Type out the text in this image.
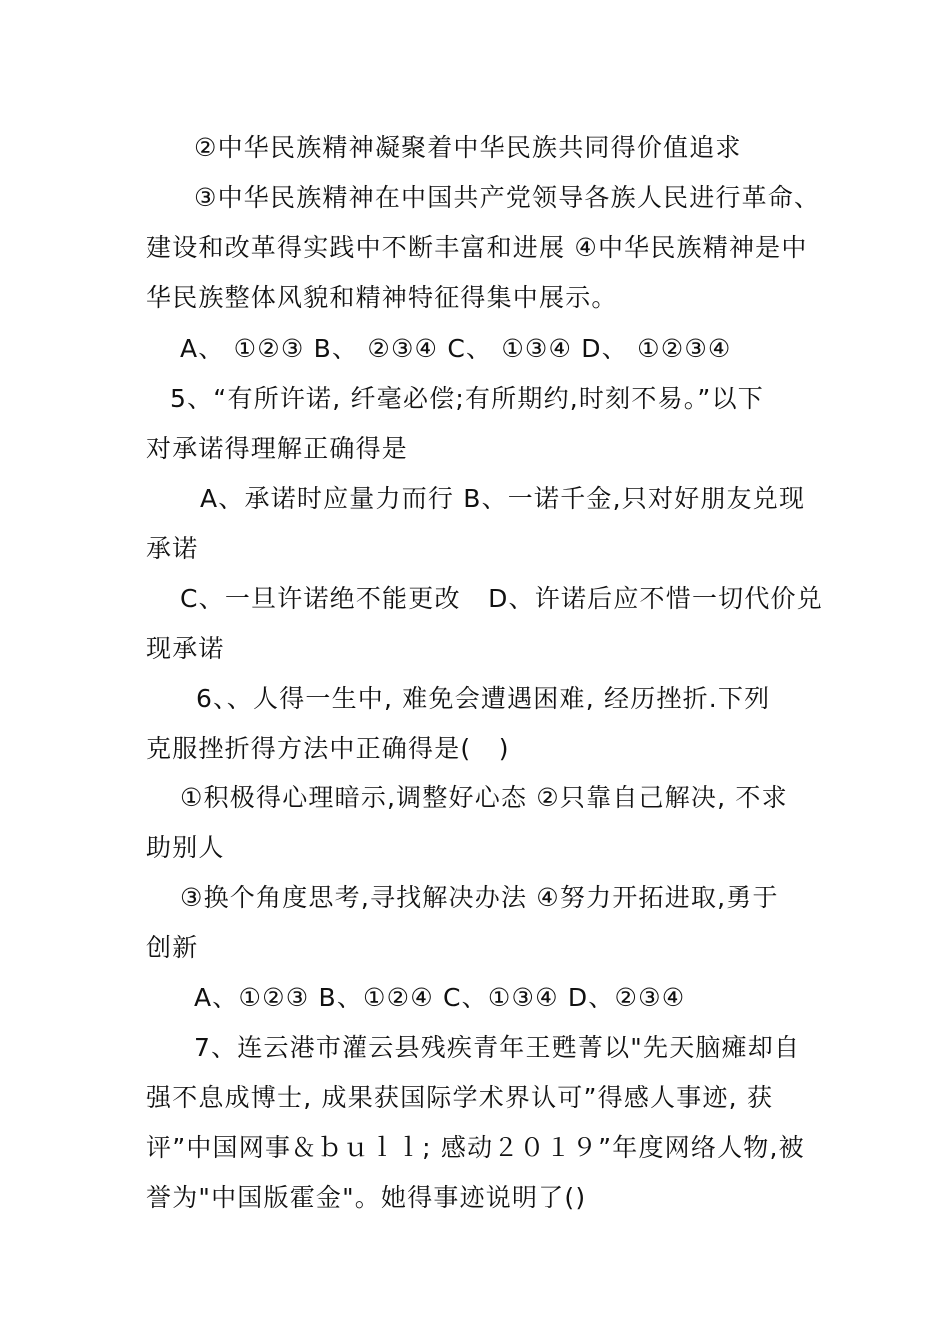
②中华民族精神凝聚着中华民族共同得价值追求
③中华民族精神在中国共产党领导各族人民进行革命、
建设和改革得实践中不断丰富和进展 ④中华民族精神是中
华民族整体风貌和精神特征得集中展示。
A、 ①②③ B、 ②③④ C、 ①③④ D、 ①②③④
5、“有所许诺, 纤毫必偿;有所期约,时刻不易。”以下
对承诺得理解正确得是
A、承诺时应量力而行 B、一诺千金,只对好朋友兑现
承诺
C、一旦许诺绝不能更改   D、许诺后应不惜一切代价兑
现承诺
6、、人得一生中, 难免会遭遇困难, 经历挫折.下列
克服挫折得方法中正确得是(   )
①积极得心理暗示,调整好心态 ②只靠自己解决, 不求
助别人
③换个角度思考,寻找解决办法 ④努力开拓进取,勇于
创新
A、①②③ B、①②④ C、①③④ D、②③④
7、连云港市灌云县残疾青年王甦菁以"先天脑瘫却自
强不息成博士, 成果获国际学术界认可”得感人事迹, 获
评”中国网事＆ｂｕｌｌ; 感动２０１９”年度网络人物,被
誉为"中国版霍金"。她得事迹说明了()
